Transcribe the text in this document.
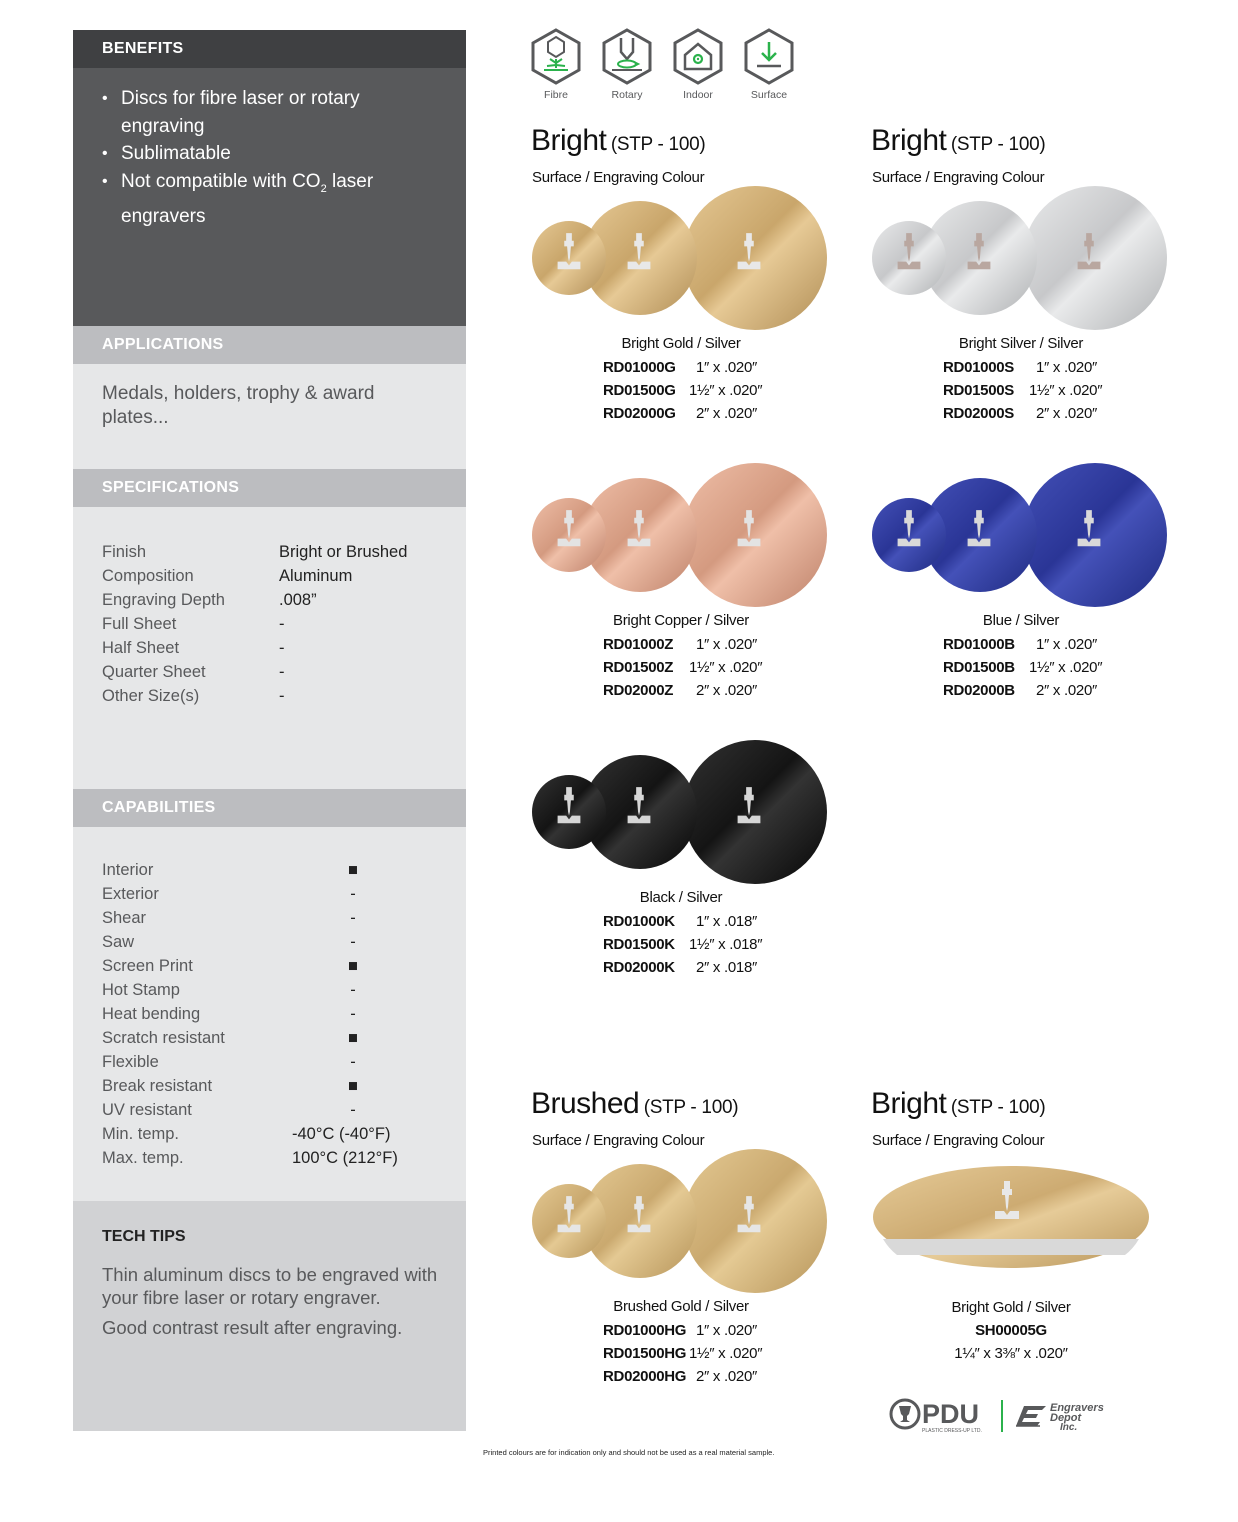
BENEFITS
• Discs for fibre laser or rotary engraving
• Sublimatable
• Not compatible with $CO_2$ laser engravers
APPLICATIONS
Medals, holders, trophy & award plates...
SPECIFICATIONS
Finish	Bright or Brushed
Composition	Aluminum
Engraving Depth	.008”
Full Sheet	-
Half Sheet	-
Quarter Sheet	-
Other Size(s)	-
CAPABILITIES
Interior	■
Exterior	-
Shear	-
Saw	-
Screen Print	■
Hot Stamp	-
Heat bending	-
Scratch resistant	■
Flexible	-
Break resistant	■
UV resistant	-
Min. temp.	-40°C (-40°F)
Max. temp.	100°C (212°F)
TECH TIPS

Thin aluminum discs to be engraved with your fibre laser or rotary engraver.

Good contrast result after engraving.

Fibre	Rotary	Indoor	Surface
Bright (STP - 100)
Surface / Engraving Colour
Bright Gold / Silver
RD01000G	1″ x .020″
RD01500G 1½″ x .020″
RD02000G	2″ x .020″
Bright (STP - 100)
Surface / Engraving Colour
Bright Silver / Silver
RD01000S	1″ x .020″
RD01500S 1½″ x .020″
RD02000S	2″ x .020″
Bright Copper / Silver
RD01000Z	1″ x .020″
RD01500Z 1½″ x .020″
RD02000Z	2″ x .020″
Blue / Silver
RD01000B	1″ x .020″
RD01500B 1½″ x .020″
RD02000B	2″ x .020″
Black / Silver
RD01000K	1″ x .018″
RD01500K 1½″ x .018″
RD02000K	2″ x .018″
Brushed (STP - 100)
Surface / Engraving Colour
Brushed Gold / Silver
RD01000HG 1″ x .020″
RD01500HG 1½″ x .020″
RD02000HG 2″ x .020″
Bright (STP - 100)
Surface / Engraving Colour
Bright Gold / Silver
SH00005G
1¼″ x 3⅜″ x .020″
Printed colours are for indication only and should not be used as a real material sample.
PDU
PLASTIC DRESS-UP LTD.
Engravers
Depot
Inc.
